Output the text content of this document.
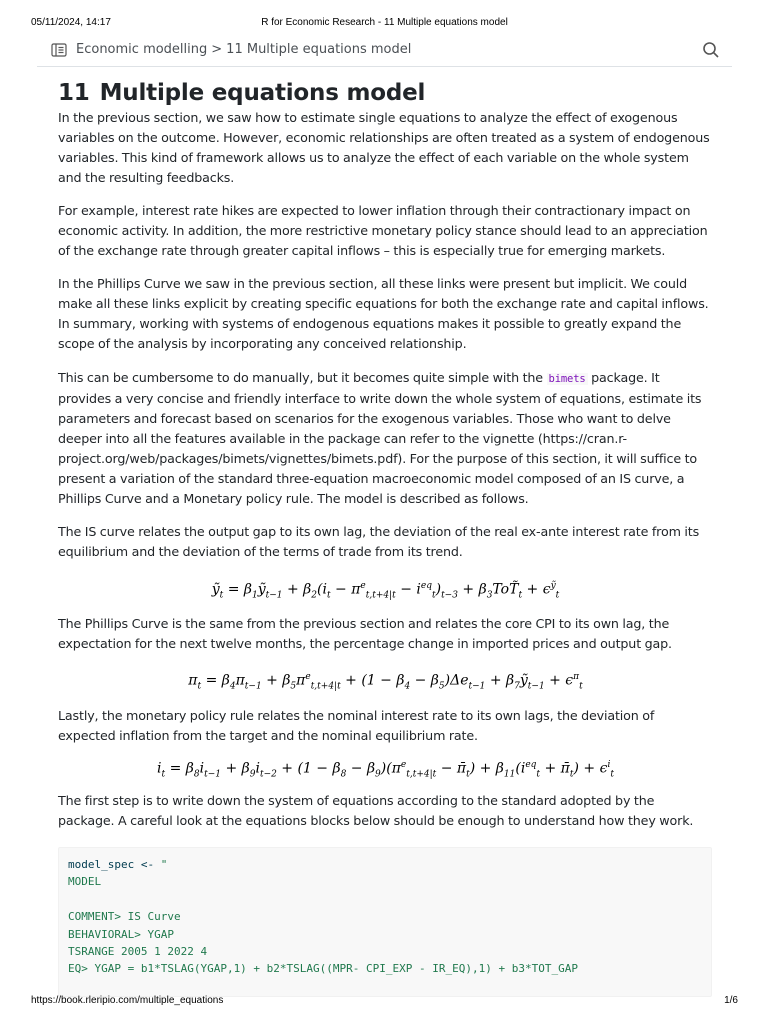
05/11/2024, 14:17	R for Economic Research - 11 Multiple equations model
Economic modelling > 11 Multiple equations model
11 Multiple equations model

In the previous section, we saw how to estimate single equations to analyze the effect of exogenous variables on the outcome. However, economic relationships are often treated as a system of endogenous variables. This kind of framework allows us to analyze the effect of each variable on the whole system and the resulting feedbacks.

For example, interest rate hikes are expected to lower inflation through their contractionary impact on economic activity. In addition, the more restrictive monetary policy stance should lead to an appreciation of the exchange rate through greater capital inflows – this is especially true for emerging markets.

In the Phillips Curve we saw in the previous section, all these links were present but implicit. We could make all these links explicit by creating specific equations for both the exchange rate and capital inflows. In summary, working with systems of endogenous equations makes it possible to greatly expand the scope of the analysis by incorporating any conceived relationship.

This can be cumbersome to do manually, but it becomes quite simple with the bimets package. It provides a very concise and friendly interface to write down the whole system of equations, estimate its parameters and forecast based on scenarios for the exogenous variables. Those who want to delve deeper into all the features available in the package can refer to the vignette (https://cran.r-project.org/web/packages/bimets/vignettes/bimets.pdf). For the purpose of this section, it will suffice to present a variation of the standard three-equation macroeconomic model composed of an IS curve, a Phillips Curve and a Monetary policy rule. The model is described as follows.

The IS curve relates the output gap to its own lag, the deviation of the real ex-ante interest rate from its equilibrium and the deviation of the terms of trade from its trend.

ỹ$_t$ = $\beta_1ỹ_{t-1} + \beta_2(i_t - \pi^e_{t,t+4|t} - i^{eq}_t)_{t-3}$ + $\beta_3ToT̃_t + \epsilon^ỹ_t$

The Phillips Curve is the same from the previous section and relates the core CPI to its own lag, the expectation for the next twelve months, the percentage change in imported prices and output gap.

$\pi_t = \beta_4\pi_{t-1} + \beta_5\pi^e_{t,t+4|t} + (1 - \beta_4 - \beta_5)\Delta e_{t-1}$ + $\beta_7ỹ_{t-1} + \epsilon^\pi_t$

Lastly, the monetary policy rule relates the nominal interest rate to its own lags, the deviation of expected inflation from the target and the nominal equilibrium rate.

$i_t = \beta_8i_{t-1} + \beta_9i_{t-2} + (1 - \beta_8 - \beta_9)(\pi^e_{t,t+4|t}$ − $\pī_t) + \beta_{11}(i^{eq}_t$ + $\pī_t) + \epsilon^i_t$

The first step is to write down the system of equations according to the standard adopted by the package. A careful look at the equations blocks below should be enough to understand how they work.

model_spec <- "
MODEL

COMMENT> IS Curve
BEHAVIORAL> YGAP
TSRANGE 2005 1 2022 4
EQ> YGAP = b1*TSLAG(YGAP,1) + b2*TSLAG((MPR- CPI_EXP - IR_EQ),1) + b3*TOT_GAP
https://book.rleripio.com/multiple_equations	1/6
